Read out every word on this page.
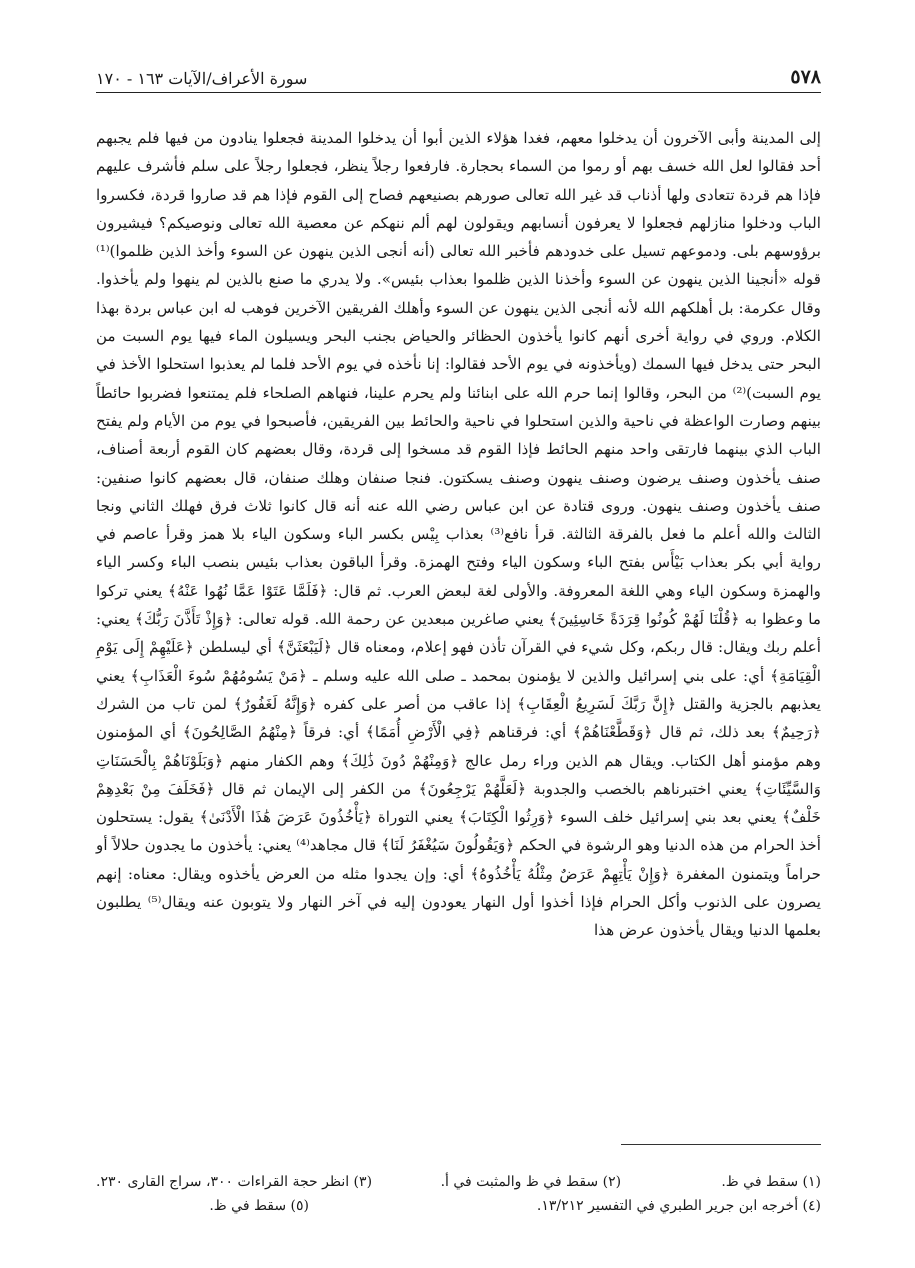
٥٧٨
سورة الأعراف/الآيات ١٦٣ - ١٧٠

إلى المدينة وأبى الآخرون أن يدخلوا معهم، فغدا هؤلاء الذين أبوا أن يدخلوا المدينة فجعلوا ينادون من فيها فلم يجبهم أحد فقالوا لعل الله خسف بهم أو رموا من السماء بحجارة. فارفعوا رجلاً ينظر، فجعلوا رجلاً على سلم فأشرف عليهم فإذا هم قردة تتعادى ولها أذناب قد غير الله تعالى صورهم بصنيعهم فصاح إلى القوم فإذا هم قد صاروا قردة، فكسروا الباب ودخلوا منازلهم فجعلوا لا يعرفون أنسابهم ويقولون لهم ألم ننهكم عن معصية الله تعالى ونوصيكم؟ فيشيرون برؤوسهم بلى. ودموعهم تسيل على خدودهم فأخبر الله تعالى (أنه أنجى الذين ينهون عن السوء وأخذ الذين ظلموا)⁽¹⁾ قوله «أنجينا الذين ينهون عن السوء وأخذنا الذين ظلموا بعذاب بئيس». ولا يدري ما صنع بالذين لم ينهوا ولم يأخذوا. وقال عكرمة: بل أهلكهم الله لأنه أنجى الذين ينهون عن السوء وأهلك الفريقين الآخرين فوهب له ابن عباس بردة بهذا الكلام. وروي في رواية أخرى أنهم كانوا يأخذون الحظائر والحياض بجنب البحر ويسيلون الماء فيها يوم السبت من البحر حتى يدخل فيها السمك (ويأخذونه في يوم الأحد فقالوا: إنا نأخذه في يوم الأحد فلما لم يعذبوا استحلوا الأخذ في يوم السبت)⁽²⁾ من البحر، وقالوا إنما حرم الله على ابنائنا ولم يحرم علينا، فنهاهم الصلحاء فلم يمتنعوا فضربوا حائطاً بينهم وصارت الواعظة في ناحية والذين استحلوا في ناحية والحائط بين الفريقين، فأصبحوا في يوم من الأيام ولم يفتح الباب الذي بينهما فارتقى واحد منهم الحائط فإذا القوم قد مسخوا إلى قردة، وقال بعضهم كان القوم أربعة أصناف، صنف يأخذون وصنف يرضون وصنف ينهون وصنف يسكتون. فنجا صنفان وهلك صنفان، قال بعضهم كانوا صنفين: صنف يأخذون وصنف ينهون. وروى قتادة عن ابن عباس رضي الله عنه أنه قال كانوا ثلاث فرق فهلك الثاني ونجا الثالث والله أعلم ما فعل بالفرقة الثالثة. قرأ نافع⁽³⁾ بعذاب بِيْس بكسر الباء وسكون الياء بلا همز وقرأ عاصم في رواية أبي بكر بعذاب بَيْأَس بفتح الباء وسكون الياء وفتح الهمزة. وقرأ الباقون بعذاب بئيس بنصب الباء وكسر الياء والهمزة وسكون الياء وهي اللغة المعروفة. والأولى لغة لبعض العرب. ثم قال: ﴿فَلَمَّا عَتَوْا عَمَّا نُهُوا عَنْهُ﴾ يعني تركوا ما وعظوا به ﴿قُلْنَا لَهُمْ كُونُوا قِرَدَةً خَاسِئِينَ﴾ يعني صاغرين مبعدين عن رحمة الله. قوله تعالى: ﴿وَإِذْ تَأَذَّنَ رَبُّكَ﴾ يعني: أعلم ربك ويقال: قال ربكم، وكل شيء في القرآن تأذن فهو إعلام، ومعناه قال ﴿لَيَبْعَثَنَّ﴾ أي ليسلطن ﴿عَلَيْهِمْ إِلَى يَوْمِ الْقِيَامَةِ﴾ أي: على بني إسرائيل والذين لا يؤمنون بمحمد ـ صلى الله عليه وسلم ـ ﴿مَنْ يَسُومُهُمْ سُوءَ الْعَذَابِ﴾ يعني يعذبهم بالجزية والقتل ﴿إِنَّ رَبَّكَ لَسَرِيعُ الْعِقَابِ﴾ إذا عاقب من أصر على كفره ﴿وَإِنَّهُ لَغَفُورٌ﴾ لمن تاب من الشرك ﴿رَحِيمٌ﴾ بعد ذلك، ثم قال ﴿وَقَطَّعْنَاهُمْ﴾ أي: فرقناهم ﴿فِي الْأَرْضِ أُمَمًا﴾ أي: فرقاً ﴿مِنْهُمُ الصَّالِحُونَ﴾ أي المؤمنون وهم مؤمنو أهل الكتاب. ويقال هم الذين وراء رمل عالج ﴿وَمِنْهُمْ دُونَ ذَٰلِكَ﴾ وهم الكفار منهم ﴿وَبَلَوْنَاهُمْ بِالْحَسَنَاتِ وَالسَّيِّئَاتِ﴾ يعني اختبرناهم بالخصب والجدوبة ﴿لَعَلَّهُمْ يَرْجِعُونَ﴾ من الكفر إلى الإيمان ثم قال ﴿فَخَلَفَ مِنْ بَعْدِهِمْ خَلْفٌ﴾ يعني بعد بني إسرائيل خلف السوء ﴿وَرِثُوا الْكِتَابَ﴾ يعني التوراة ﴿يَأْخُذُونَ عَرَضَ هَٰذَا الْأَدْنَىٰ﴾ يقول: يستحلون أخذ الحرام من هذه الدنيا وهو الرشوة في الحكم ﴿وَيَقُولُونَ سَيُغْفَرُ لَنَا﴾ قال مجاهد⁽⁴⁾ يعني: يأخذون ما يجدون حلالاً أو حراماً ويتمنون المغفرة ﴿وَإِنْ يَأْتِهِمْ عَرَضٌ مِثْلُهُ يَأْخُذُوهُ﴾ أي: وإن يجدوا مثله من العرض يأخذوه ويقال: معناه: إنهم يصرون على الذنوب وأكل الحرام فإذا أخذوا أول النهار يعودون إليه في آخر النهار ولا يتوبون عنه ويقال⁽⁵⁾ يطلبون بعلمها الدنيا ويقال يأخذون عرض هذا

(١) سقط في ظ.
(٢) سقط في ظ والمثبت في أ.
(٣) انظر حجة القراءات ٣٠٠، سراج القارى ٢٣٠.
(٤) أخرجه ابن جرير الطبري في التفسير ١٣/٢١٢.
(٥) سقط في ظ.
